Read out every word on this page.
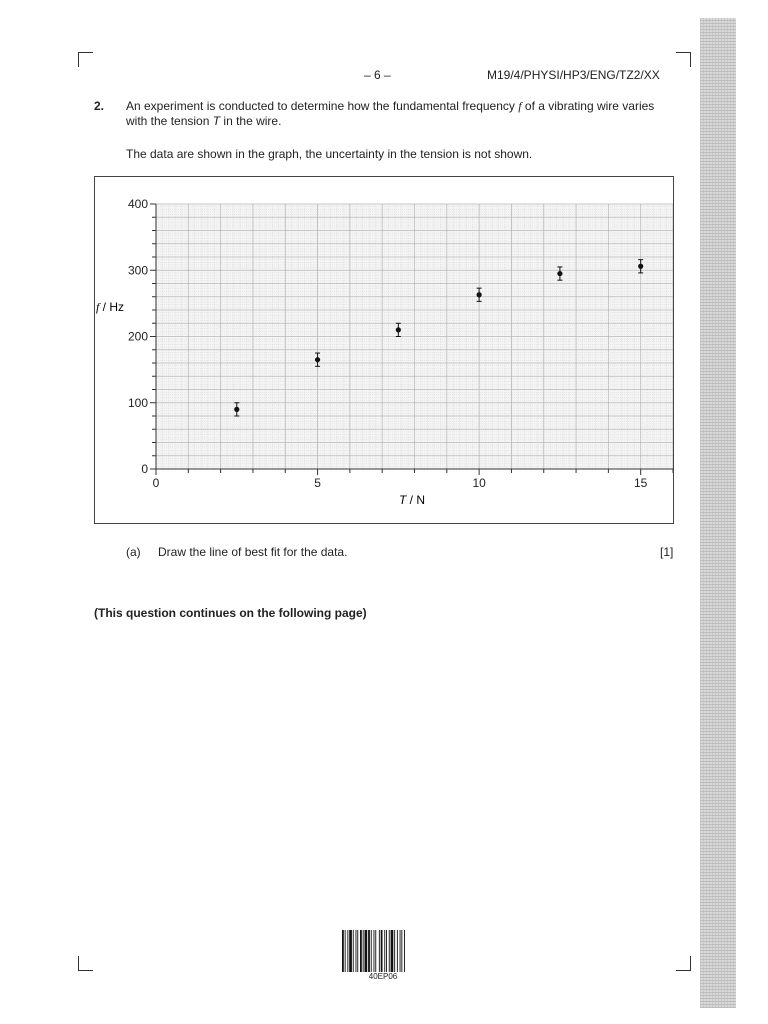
– 6 –	M19/4/PHYSI/HP3/ENG/TZ2/XX
2. An experiment is conducted to determine how the fundamental frequency f of a vibrating wire varies with the tension T in the wire.
The data are shown in the graph, the uncertainty in the tension is not shown.
0	5	10	15
0
100
200
300
400
T / N
f / Hz
(a) Draw the line of best fit for the data.	[1]
(This question continues on the following page)
40EP06
